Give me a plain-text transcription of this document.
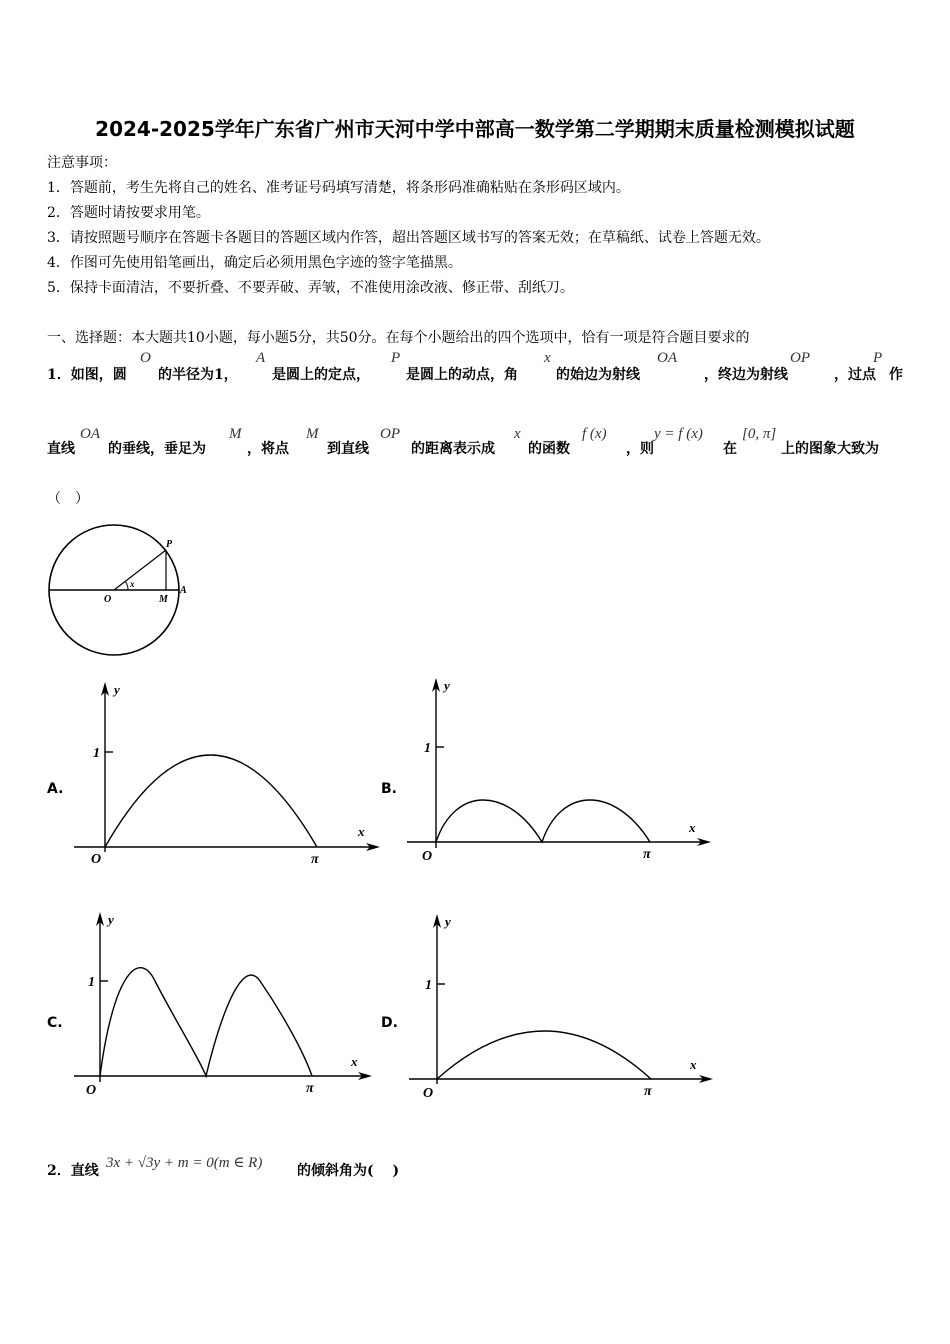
2024-2025学年广东省广州市天河中学中部高一数学第二学期期末质量检测模拟试题
注意事项：
1．答题前，考生先将自己的姓名、准考证号码填写清楚，将条形码准确粘贴在条形码区域内。
2．答题时请按要求用笔。
3．请按照题号顺序在答题卡各题目的答题区域内作答，超出答题区域书写的答案无效；在草稿纸、试卷上答题无效。
4．作图可先使用铅笔画出，确定后必须用黑色字迹的签字笔描黑。
5．保持卡面清洁，不要折叠、不要弄破、弄皱，不准使用涂改液、修正带、刮纸刀。
一、选择题：本大题共10小题，每小题5分，共50分。在每个小题给出的四个选项中，恰有一项是符合题目要求的
1．如图，圆
O
的半径为1，
A
是圆上的定点，
P
是圆上的动点，角
x
的始边为射线
OA
，终边为射线
OP
，过点
P
作
直线
OA
的垂线，垂足为
M
，将点
M
到直线
OP
的距离表示成
x
的函数
f (x)
，则
y = f (x)
在
[0, π]
上的图象大致为
（　）
O	M
A
P
x
A.
y
x
O
1
π
B.
y
x
O
1
π
C.
y
x
O
1
π
D.
y
x
O
1
π
2．直线 3x + √3y + m = 0(m ∈ R) 的倾斜角为(　 )
